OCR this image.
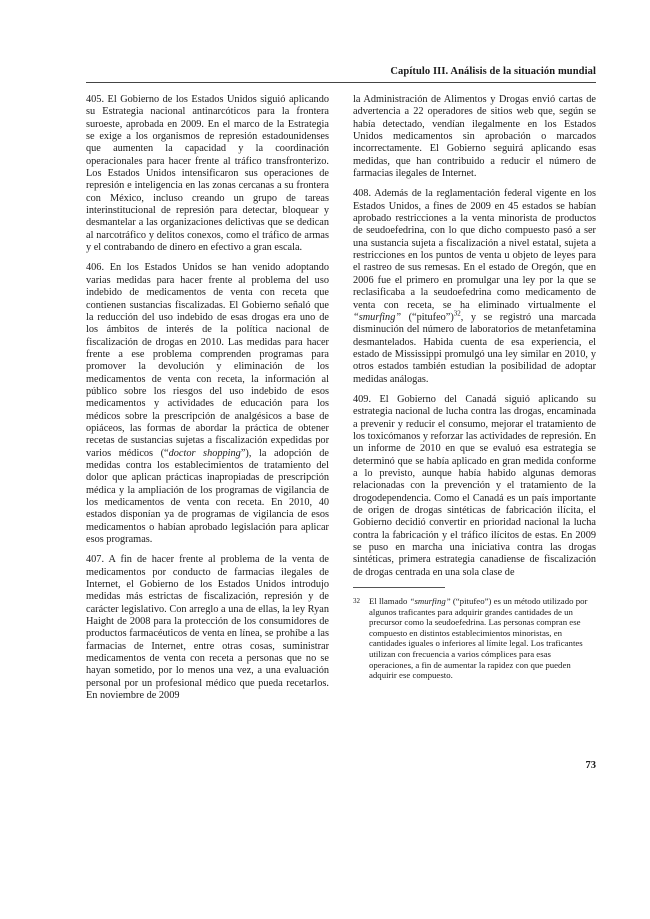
Capítulo III. Análisis de la situación mundial

405. El Gobierno de los Estados Unidos siguió aplicando su Estrategia nacional antinarcóticos para la frontera suroeste, aprobada en 2009. En el marco de la Estrategia se exige a los organismos de represión estadounidenses que aumenten la capacidad y la coordinación operacionales para hacer frente al tráfico transfronterizo. Los Estados Unidos intensificaron sus operaciones de represión e inteligencia en las zonas cercanas a su frontera con México, incluso creando un grupo de tareas interinstitucional de represión para detectar, bloquear y desmantelar a las organizaciones delictivas que se dedican al narcotráfico y delitos conexos, como el tráfico de armas y el contrabando de dinero en efectivo a gran escala.

406. En los Estados Unidos se han venido adoptando varias medidas para hacer frente al problema del uso indebido de medicamentos de venta con receta que contienen sustancias fiscalizadas. El Gobierno señaló que la reducción del uso indebido de esas drogas era uno de los ámbitos de interés de la política nacional de fiscalización de drogas en 2010. Las medidas para hacer frente a ese problema comprenden programas para promover la devolución y eliminación de los medicamentos de venta con receta, la información al público sobre los riesgos del uso indebido de esos medicamentos y actividades de educación para los médicos sobre la prescripción de analgésicos a base de opiáceos, las formas de abordar la práctica de obtener recetas de sustancias sujetas a fiscalización expedidas por varios médicos (“doctor shopping”), la adopción de medidas contra los establecimientos de tratamiento del dolor que aplican prácticas inapropiadas de prescripción médica y la ampliación de los programas de vigilancia de los medicamentos de venta con receta. En 2010, 40 estados disponían ya de programas de vigilancia de esos medicamentos o habían aprobado legislación para aplicar esos programas.

407. A fin de hacer frente al problema de la venta de medicamentos por conducto de farmacias ilegales de Internet, el Gobierno de los Estados Unidos introdujo medidas más estrictas de fiscalización, represión y de carácter legislativo. Con arreglo a una de ellas, la ley Ryan Haight de 2008 para la protección de los consumidores de productos farmacéuticos de venta en línea, se prohíbe a las farmacias de Internet, entre otras cosas, suministrar medicamentos de venta con receta a personas que no se hayan sometido, por lo menos una vez, a una evaluación personal por un profesional médico que pueda recetarlos. En noviembre de 2009

la Administración de Alimentos y Drogas envió cartas de advertencia a 22 operadores de sitios web que, según se había detectado, vendían ilegalmente en los Estados Unidos medicamentos sin aprobación o marcados incorrectamente. El Gobierno seguirá aplicando esas medidas, que han contribuido a reducir el número de farmacias ilegales de Internet.

408. Además de la reglamentación federal vigente en los Estados Unidos, a fines de 2009 en 45 estados se habían aprobado restricciones a la venta minorista de productos de seudoefedrina, con lo que dicho compuesto pasó a ser una sustancia sujeta a fiscalización a nivel estatal, sujeta a restricciones en los puntos de venta u objeto de leyes para el rastreo de sus remesas. En el estado de Oregón, que en 2006 fue el primero en promulgar una ley por la que se reclasificaba a la seudoefedrina como medicamento de venta con receta, se ha eliminado virtualmente el “smurfing” (“pitufeo”)$^{32}$, y se registró una marcada disminución del número de laboratorios de metanfetamina desmantelados. Habida cuenta de esa experiencia, el estado de Mississippi promulgó una ley similar en 2010, y otros estados también estudian la posibilidad de adoptar medidas análogas.

409. El Gobierno del Canadá siguió aplicando su estrategia nacional de lucha contra las drogas, encaminada a prevenir y reducir el consumo, mejorar el tratamiento de los toxicómanos y reforzar las actividades de represión. En un informe de 2010 en que se evaluó esa estrategia se determinó que se había aplicado en gran medida conforme a lo previsto, aunque había habido algunas demoras relacionadas con la prevención y el tratamiento de la drogodependencia. Como el Canadá es un país importante de origen de drogas sintéticas de fabricación ilícita, el Gobierno decidió convertir en prioridad nacional la lucha contra la fabricación y el tráfico ilícitos de estas. En 2009 se puso en marcha una iniciativa contra las drogas sintéticas, primera estrategia canadiense de fiscalización de drogas centrada en una sola clase de

32 El llamado “smurfing” (“pitufeo”) es un método utilizado por algunos traficantes para adquirir grandes cantidades de un precursor como la seudoefedrina. Las personas compran ese compuesto en distintos establecimientos minoristas, en cantidades iguales o inferiores al límite legal. Los traficantes utilizan con frecuencia a varios cómplices para esas operaciones, a fin de aumentar la rapidez con que pueden adquirir ese compuesto.
73
